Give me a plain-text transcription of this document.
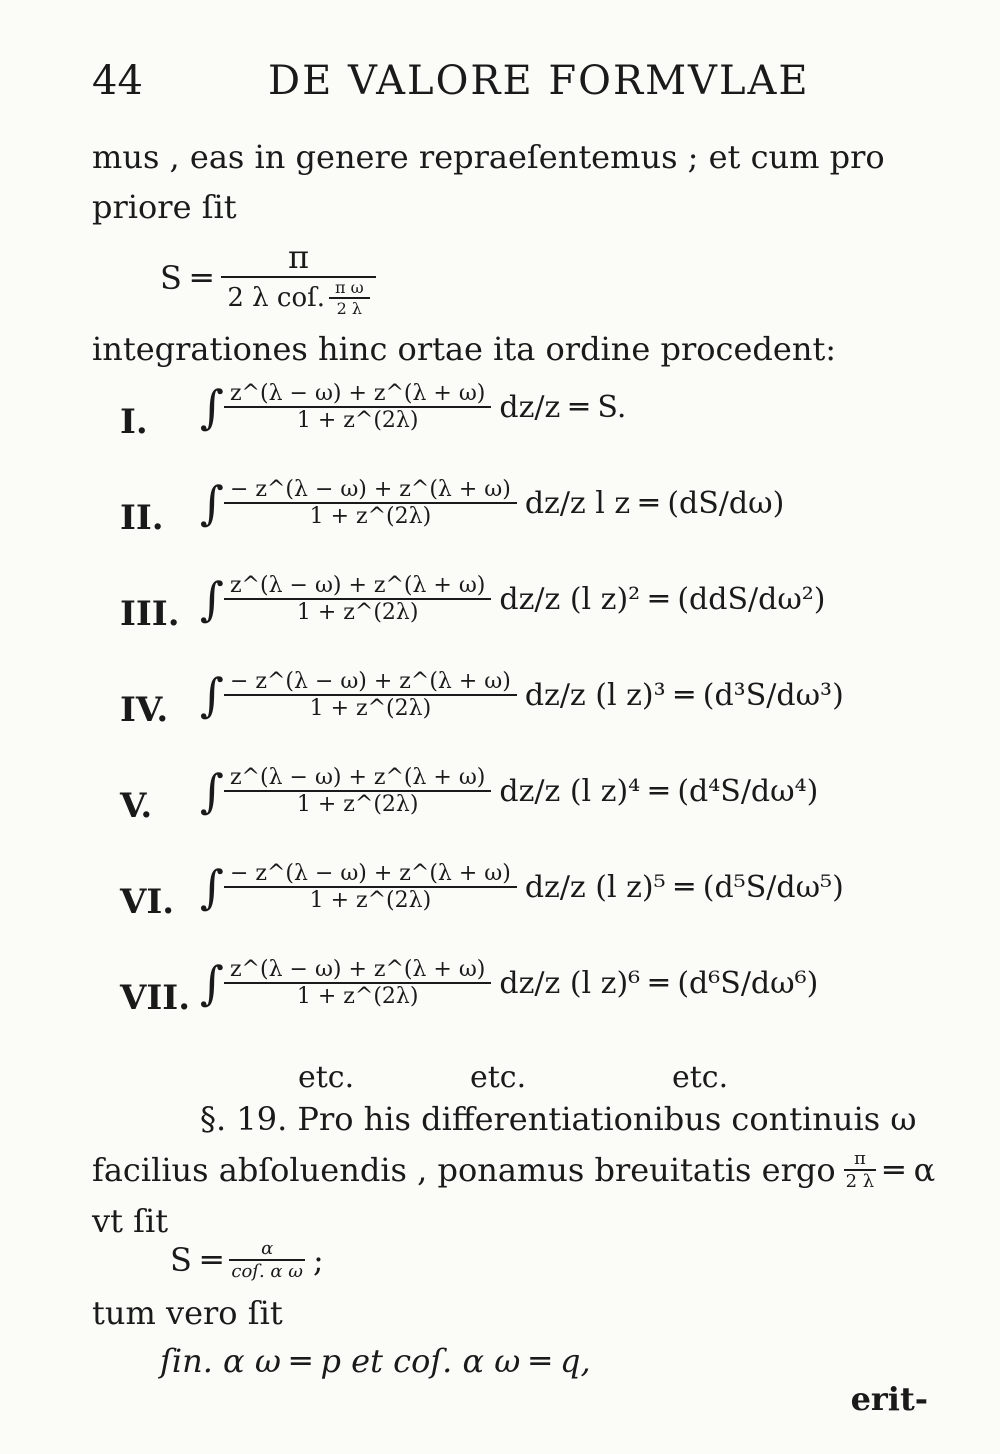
44	DE VALORE FORMVLAE
mus , eas in genere repraeſentemus ; et cum pro
priore ſit
S ═ $\frac{\pi}{2 \lambda coſ. \frac{\text{π ω}}{2 \lambda}}$
integrationes hinc ortae ita ordine procedent:
I. ∫ $\frac{z\^{}(\lambda - \omega) + z\^{}(\lambda + \omega)}{1 + z\^{}(2\lambda)} dz/z$ ═ S.
II. ∫ $\frac{- z\^{}(\lambda - \omega) + z\^{}(\lambda + \omega)}{1 + z\^{}(2\lambda)} dz/z$ l z ═ (dS/dω)
III. ∫ $\frac{z\^{}(\lambda - \omega) + z\^{}(\lambda + \omega)}{1 + z\^{}(2\lambda)} dz/z$ (l z)² ═ (ddS/dω²)
IV. ∫ $\frac{- z\^{}(\lambda - \omega) + z\^{}(\lambda + \omega)}{1 + z\^{}(2\lambda)} dz/z$ (l z)³ ═ (d³S/dω³)
V. ∫ $\frac{z\^{}(\lambda - \omega) + z\^{}(\lambda + \omega)}{1 + z\^{}(2\lambda)} dz/z$ (l z)⁴ ═ (d⁴S/dω⁴)
VI. ∫ $\frac{- z\^{}(\lambda - \omega) + z\^{}(\lambda + \omega)}{1 + z\^{}(2\lambda)} dz/z$ (l z)⁵ ═ (d⁵S/dω⁵)
VII. ∫ $\frac{z\^{}(\lambda - \omega) + z\^{}(\lambda + \omega)}{1 + z\^{}(2\lambda)} dz/z$ (l z)⁶ ═ (d⁶S/dω⁶)
etc.	etc.	etc.
§. 19. Pro his differentiationibus continuis ω
facilius abſoluendis , ponamus breuitatis ergo $\frac{\pi}{2 \lambda}$ ═ α
vt ſit
S ═ $\frac{\alpha}{\text{coſ. α ω}}$ ;
tum vero ſit
ſin. α ω ═ p et coſ. α ω ═ q,
erit-
